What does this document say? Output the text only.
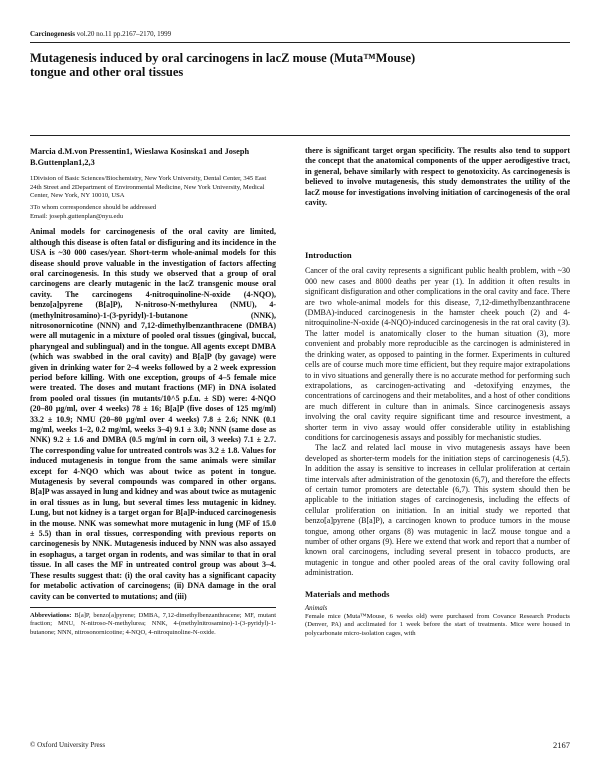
Carcinogenesis vol.20 no.11 pp.2167–2170, 1999
Mutagenesis induced by oral carcinogens in lacZ mouse (Muta™Mouse) tongue and other oral tissues

Marcia d.M.von Pressentin1, Wieslawa Kosinska1 and Joseph B.Guttenplan1,2,3

1Division of Basic Sciences/Biochemistry, New York University, Dental Center, 345 East 24th Street and 2Department of Environmental Medicine, New York University, Medical Center, New York, NY 10010, USA

3To whom correspondence should be addressed

Email: joseph.guttenplan@nyu.edu

Animal models for carcinogenesis of the oral cavity are limited, although this disease is often fatal or disfiguring and its incidence in the USA is ~30 000 cases/year. Short-term whole-animal models for this disease should prove valuable in the investigation of factors affecting oral carcinogenesis. In this study we observed that a group of oral carcinogens are clearly mutagenic in the lacZ transgenic mouse oral cavity. The carcinogens 4-nitroquinoline-N-oxide (4-NQO), benzo[a]pyrene (B[a]P), N-nitroso-N-methylurea (NMU), 4-(methylnitrosamino)-1-(3-pyridyl)-1-butanone (NNK), nitrosonornicotine (NNN) and 7,12-dimethylbenzanthracene (DMBA) were all mutagenic in a mixture of pooled oral tissues (gingival, buccal, pharyngeal and sublingual) and in the tongue. All agents except DMBA (which was swabbed in the oral cavity) and B[a]P (by gavage) were given in drinking water for 2–4 weeks followed by a 2 week expression period before killing. With one exception, groups of 4–5 female mice were treated. The doses and mutant fractions (MF) in DNA isolated from pooled oral tissues (in mutants/10^5 p.f.u. ± SD) were: 4-NQO (20–80 μg/ml, over 4 weeks) 78 ± 16; B[a]P (five doses of 125 mg/ml) 33.2 ± 10.9; NMU (20–80 μg/ml over 4 weeks) 7.8 ± 2.6; NNK (0.1 mg/ml, weeks 1–2, 0.2 mg/ml, weeks 3–4) 9.1 ± 3.0; NNN (same dose as NNK) 9.2 ± 1.6 and DMBA (0.5 mg/ml in corn oil, 3 weeks) 7.1 ± 2.7. The corresponding value for untreated controls was 3.2 ± 1.8. Values for induced mutagenesis in tongue from the same animals were similar except for 4-NQO which was about twice as potent in tongue. Mutagenesis by several compounds was compared in other organs. B[a]P was assayed in lung and kidney and was about twice as mutagenic in oral tissues as in lung, but several times less mutagenic in kidney. Lung, but not kidney is a target organ for B[a]P-induced carcinogenesis in the mouse. NNK was somewhat more mutagenic in lung (MF of 15.0 ± 5.5) than in oral tissues, corresponding with previous reports on carcinogenesis by NNK. Mutagenesis induced by NNN was also assayed in esophagus, a target organ in rodents, and was similar to that in oral tissue. In all cases the MF in untreated control group was about 3–4. These results suggest that: (i) the oral cavity has a significant capacity for metabolic activation of carcinogens; (ii) DNA damage in the oral cavity can be converted to mutations; and (iii)

Abbreviations: B[a]P, benzo[a]pyrene; DMBA, 7,12-dimethylbenzanthracene; MF, mutant fraction; MNU, N-nitroso-N-methylurea; NNK, 4-(methylnitrosamino)-1-(3-pyridyl)-1-butanone; NNN, nitrosonornicotine; 4-NQO, 4-nitroquinoline-N-oxide.

there is significant target organ specificity. The results also tend to support the concept that the anatomical components of the upper aerodigestive tract, in general, behave similarly with respect to genotoxicity. As carcinogenesis is believed to involve mutagenesis, this study demonstrates the utility of the lacZ mouse for investigations involving initiation of carcinogenesis of the oral cavity.

Introduction

Cancer of the oral cavity represents a significant public health problem, with ~30 000 new cases and 8000 deaths per year (1). In addition it often results in significant disfiguration and other complications in the oral cavity and face. There are two whole-animal models for this disease, 7,12-dimethylbenzanthracene (DMBA)-induced carcinogenesis in the hamster cheek pouch (2) and 4-nitroquinoline-N-oxide (4-NQO)-induced carcinogenesis in the rat oral cavity (3). The latter model is anatomically closer to the human situation (3), more convenient and probably more reproducible as the carcinogen is administered in the drinking water, as opposed to painting in the former. Experiments in cultured cells are of course much more time efficient, but they require major extrapolations to in vivo situations and generally there is no accurate method for performing such extrapolations, as carcinogen-activating and -detoxifying enzymes, the concentrations of carcinogens and their metabolites, and a host of other conditions are much different in culture than in animals. Since carcinogenesis assays involving the oral cavity require significant time and resource investment, a shorter term in vivo assay would offer considerable utility in establishing conditions for carcinogenesis assays and possibly for mechanistic studies.

The lacZ and related lacI mouse in vivo mutagenesis assays have been developed as shorter-term models for the initiation steps of carcinogenesis (4,5). In addition the assay is sensitive to increases in cellular proliferation at certain time intervals after administration of the genotoxin (6,7), and therefore the effects of certain tumor promoters are detectable (6,7). This system should then be applicable to the initiation stages of carcinogenesis, including the effects of cellular proliferation on initiation. In an initial study we reported that benzo[a]pyrene (B[a]P), a carcinogen known to produce tumors in the mouse tongue, among other organs (8) was mutagenic in lacZ mouse tongue and a number of other organs (9). Here we extend that work and report that a number of known oral carcinogens, including several present in tobacco products, are mutagenic in tongue and other pooled areas of the oral cavity following oral administration.

Materials and methods

Animals

Female mice (Muta™Mouse, 6 weeks old) were purchased from Covance Research Products (Denver, PA) and acclimated for 1 week before the start of treatments. Mice were housed in polycarbonate micro-isolation cages, with

© Oxford University Press	2167
